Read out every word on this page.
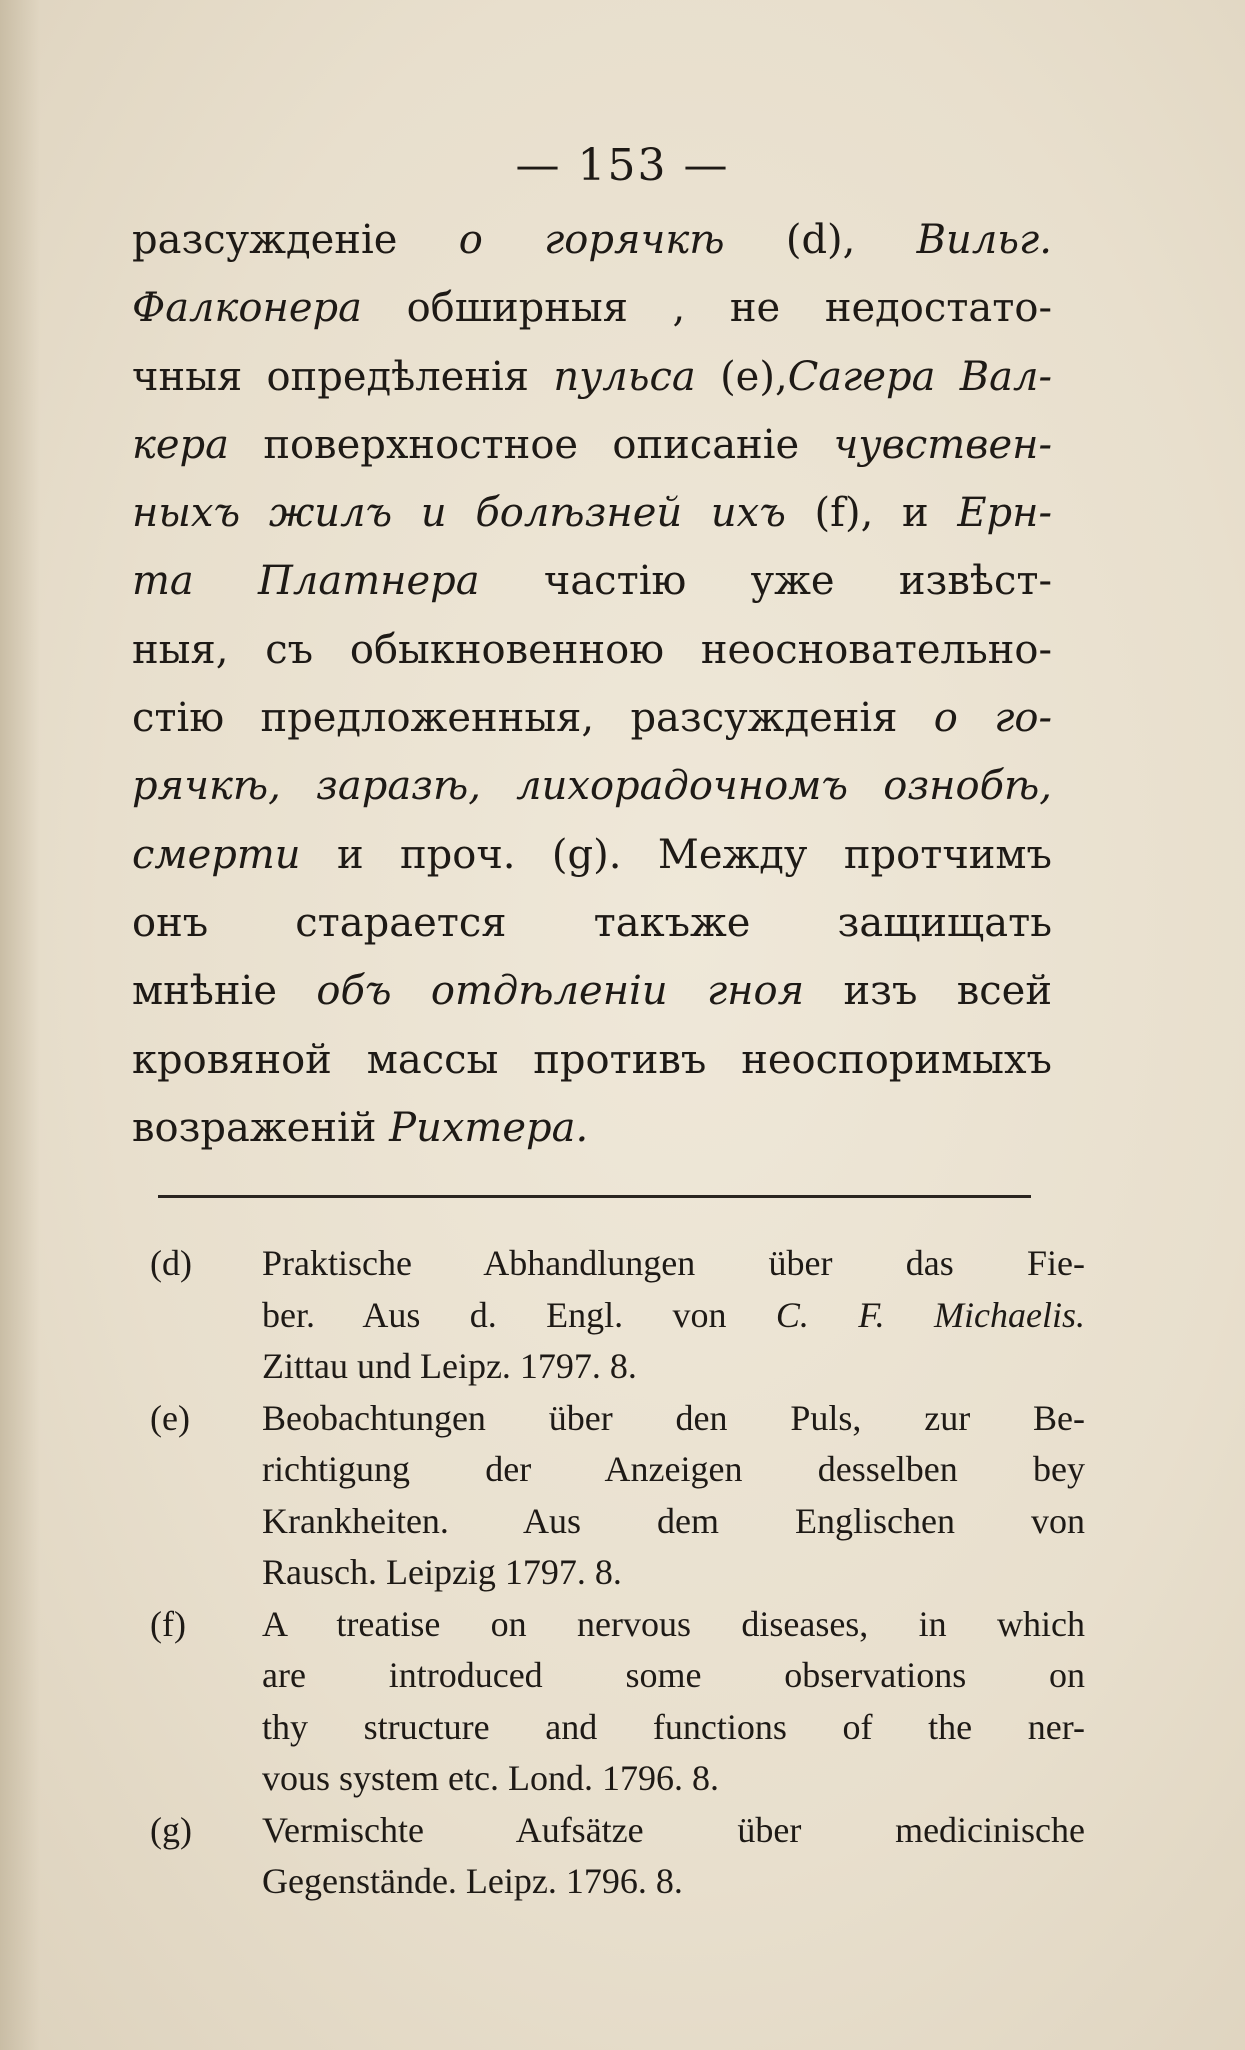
— 153 —

разсужденіе о горячкѣ (d), Вильг.
Фалконера обширныя , не недостато-
чныя опредѣленія пульса (е),Сагера Вал-
кера поверхностное описаніе чувствен-
ныхъ жилъ и болѣзней ихъ (f), и Ерн-
та Платнера частію уже извѣст-
ныя, съ обыкновенною неосновательно-
стію предложенныя, разсужденія о го-
рячкѣ, заразѣ, лихорадочномъ ознобѣ,
смерти и проч. (g). Между протчимъ
онъ старается такъже защищать
мнѣніе объ отдѣленіи гноя изъ всей
кровяной массы противъ неоспоримыхъ
возраженій Рихтера.

(d)	Praktische Abhandlungen über das Fie-
ber. Aus d. Engl. von C. F. Michaelis.
Zittau und Leipz. 1797. 8.
(e)	Beobachtungen über den Puls, zur Be-
richtigung der Anzeigen desselben bey
Krankheiten. Aus dem Englischen von
Rausch. Leipzig 1797. 8.
(f)	A treatise on nervous diseases, in which
are introduced some observations on
thy structure and functions of the ner-
vous system etc. Lond. 1796. 8.
(g)	Vermischte Aufsätze über medicinische
Gegenstände. Leipz. 1796. 8.
